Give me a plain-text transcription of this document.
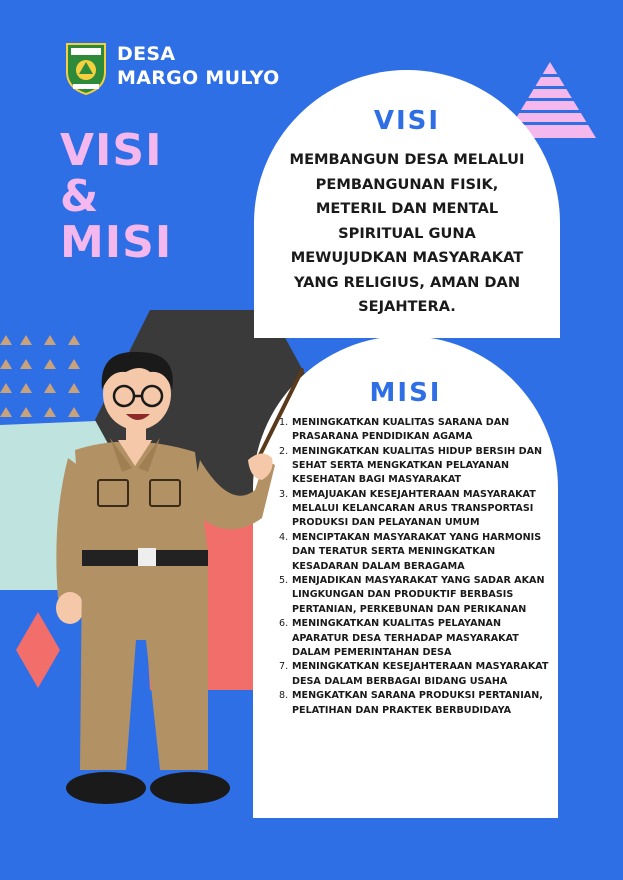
DESA
MARGO MULYO
VISI
&
MISI
VISI
MEMBANGUN DESA MELALUI
PEMBANGUNAN FISIK,
METERIL DAN MENTAL
SPIRITUAL GUNA
MEWUJUDKAN MASYARAKAT
YANG RELIGIUS, AMAN DAN
SEJAHTERA.
MISI
1. MENINGKATKAN KUALITAS SARANA DAN PRASARANA PENDIDIKAN AGAMA
2. MENINGKATKAN KUALITAS HIDUP BERSIH DAN SEHAT SERTA MENGKATKAN PELAYANAN KESEHATAN BAGI MASYARAKAT
3. MEMAJUAKAN KESEJAHTERAAN MASYARAKAT MELALUI KELANCARAN ARUS TRANSPORTASI PRODUKSI DAN PELAYANAN UMUM
4. MENCIPTAKAN MASYARAKAT YANG HARMONIS DAN TERATUR SERTA MENINGKATKAN KESADARAN DALAM BERAGAMA
5. MENJADIKAN MASYARAKAT YANG SADAR AKAN LINGKUNGAN DAN PRODUKTIF BERBASIS PERTANIAN, PERKEBUNAN DAN PERIKANAN
6. MENINGKATKAN KUALITAS PELAYANAN APARATUR DESA TERHADAP MASYARAKAT DALAM PEMERINTAHAN DESA
7. MENINGKATKAN KESEJAHTERAAN MASYARAKAT DESA DALAM BERBAGAI BIDANG USAHA
8. MENGKATKAN SARANA PRODUKSI PERTANIAN, PELATIHAN DAN PRAKTEK BERBUDIDAYA
